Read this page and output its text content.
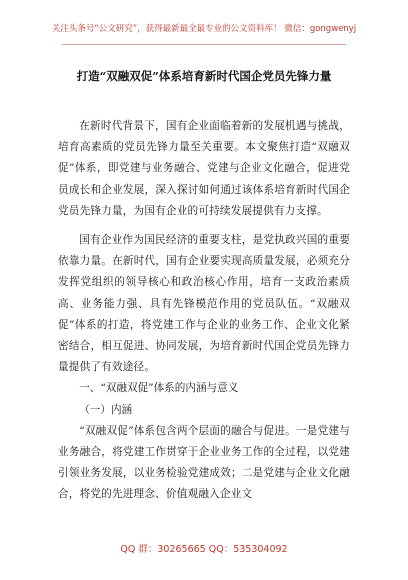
关注头条号“公文研究”，获得最新最全最专业的公文资料库！ 微信：gongwenyj
打造“双融双促”体系培育新时代国企党员先锋力量

在新时代背景下，国有企业面临着新的发展机遇与挑战，培育高素质的党员先锋力量至关重要。本文聚焦打造“双融双促”体系，即党建与业务融合、党建与企业文化融合，促进党员成长和企业发展，深入探讨如何通过该体系培育新时代国企党员先锋力量，为国有企业的可持续发展提供有力支撑。

国有企业作为国民经济的重要支柱，是党执政兴国的重要依靠力量。在新时代，国有企业要实现高质量发展，必须充分发挥党组织的领导核心和政治核心作用，培育一支政治素质高、业务能力强、具有先锋模范作用的党员队伍。“双融双促”体系的打造，将党建工作与企业的业务工作、企业文化紧密结合，相互促进、协同发展，为培育新时代国企党员先锋力量提供了有效途径。

一、“双融双促”体系的内涵与意义

（一）内涵

“双融双促”体系包含两个层面的融合与促进。一是党建与业务融合，将党建工作贯穿于企业业务工作的全过程，以党建引领业务发展，以业务检验党建成效；二是党建与企业文化融合，将党的先进理念、价值观融入企业文

QQ 群：30265665 QQ：535304092
